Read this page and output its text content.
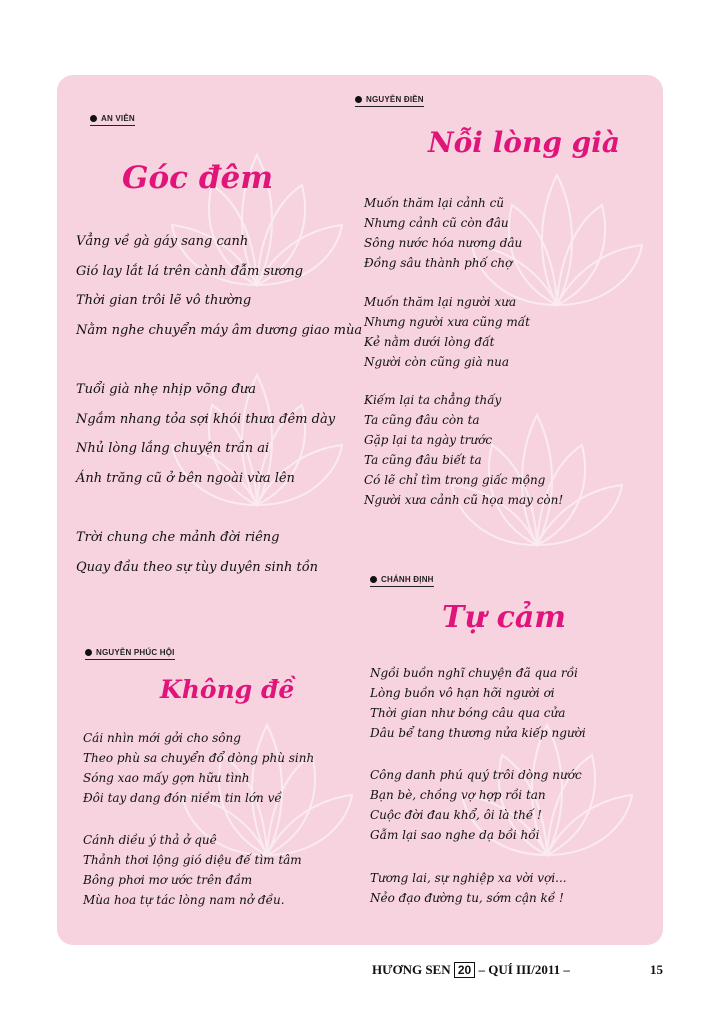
AN VIÊN
Góc đêm
Vẳng về gà gáy sang canh
Gió lay lắt lá trên cành đẫm sương
Thời gian trôi lẽ vô thường
Nằm nghe chuyển máy âm dương giao mùa
Tuổi già nhẹ nhịp võng đưa
Ngắm nhang tỏa sợi khói thưa đêm dày
Nhủ lòng lắng chuyện trần ai
Ánh trăng cũ ở bên ngoài vừa lên
Trời chung che mảnh đời riêng
Quay đầu theo sự tùy duyên sinh tồn
NGUYỄN ĐIỀN
Nỗi lòng già
Muốn thăm lại cảnh cũ
Nhưng cảnh cũ còn đâu
Sông nước hóa nương dâu
Đồng sâu thành phố chợ
Muốn thăm lại người xưa
Nhưng người xưa cũng mất
Kẻ nằm dưới lòng đất
Người còn cũng già nua
Kiếm lại ta chẳng thấy
Ta cũng đâu còn ta
Gặp lại ta ngày trước
Ta cũng đâu biết ta
Có lẽ chỉ tìm trong giấc mộng
Người xưa cảnh cũ họa may còn!
NGUYỄN PHÚC HỘI
Không đề
Cái nhìn mới gởi cho sông
Theo phù sa chuyển đổ dòng phù sinh
Sóng xao mấy gợn hữu tình
Đôi tay dang đón niềm tin lớn về
Cánh diều ý thả ở quê
Thảnh thơi lộng gió diệu đế tìm tâm
Bông phơi mơ ước trên đầm
Mùa hoa tự tác lòng nam nở đều.
CHÁNH ĐỊNH
Tự cảm
Ngồi buồn nghĩ chuyện đã qua rồi
Lòng buồn vô hạn hỡi người ơi
Thời gian như bóng câu qua cửa
Dâu bể tang thương nửa kiếp người
Công danh phú quý trôi dòng nước
Bạn bè, chồng vợ hợp rồi tan
Cuộc đời đau khổ, ôi là thế !
Gẫm lại sao nghe dạ bồi hồi
Tương lai, sự nghiệp xa vời vợi...
Nẻo đạo đường tu, sớm cận kề !
HƯƠNG SEN 20 – QUÍ III/2011 –	15
